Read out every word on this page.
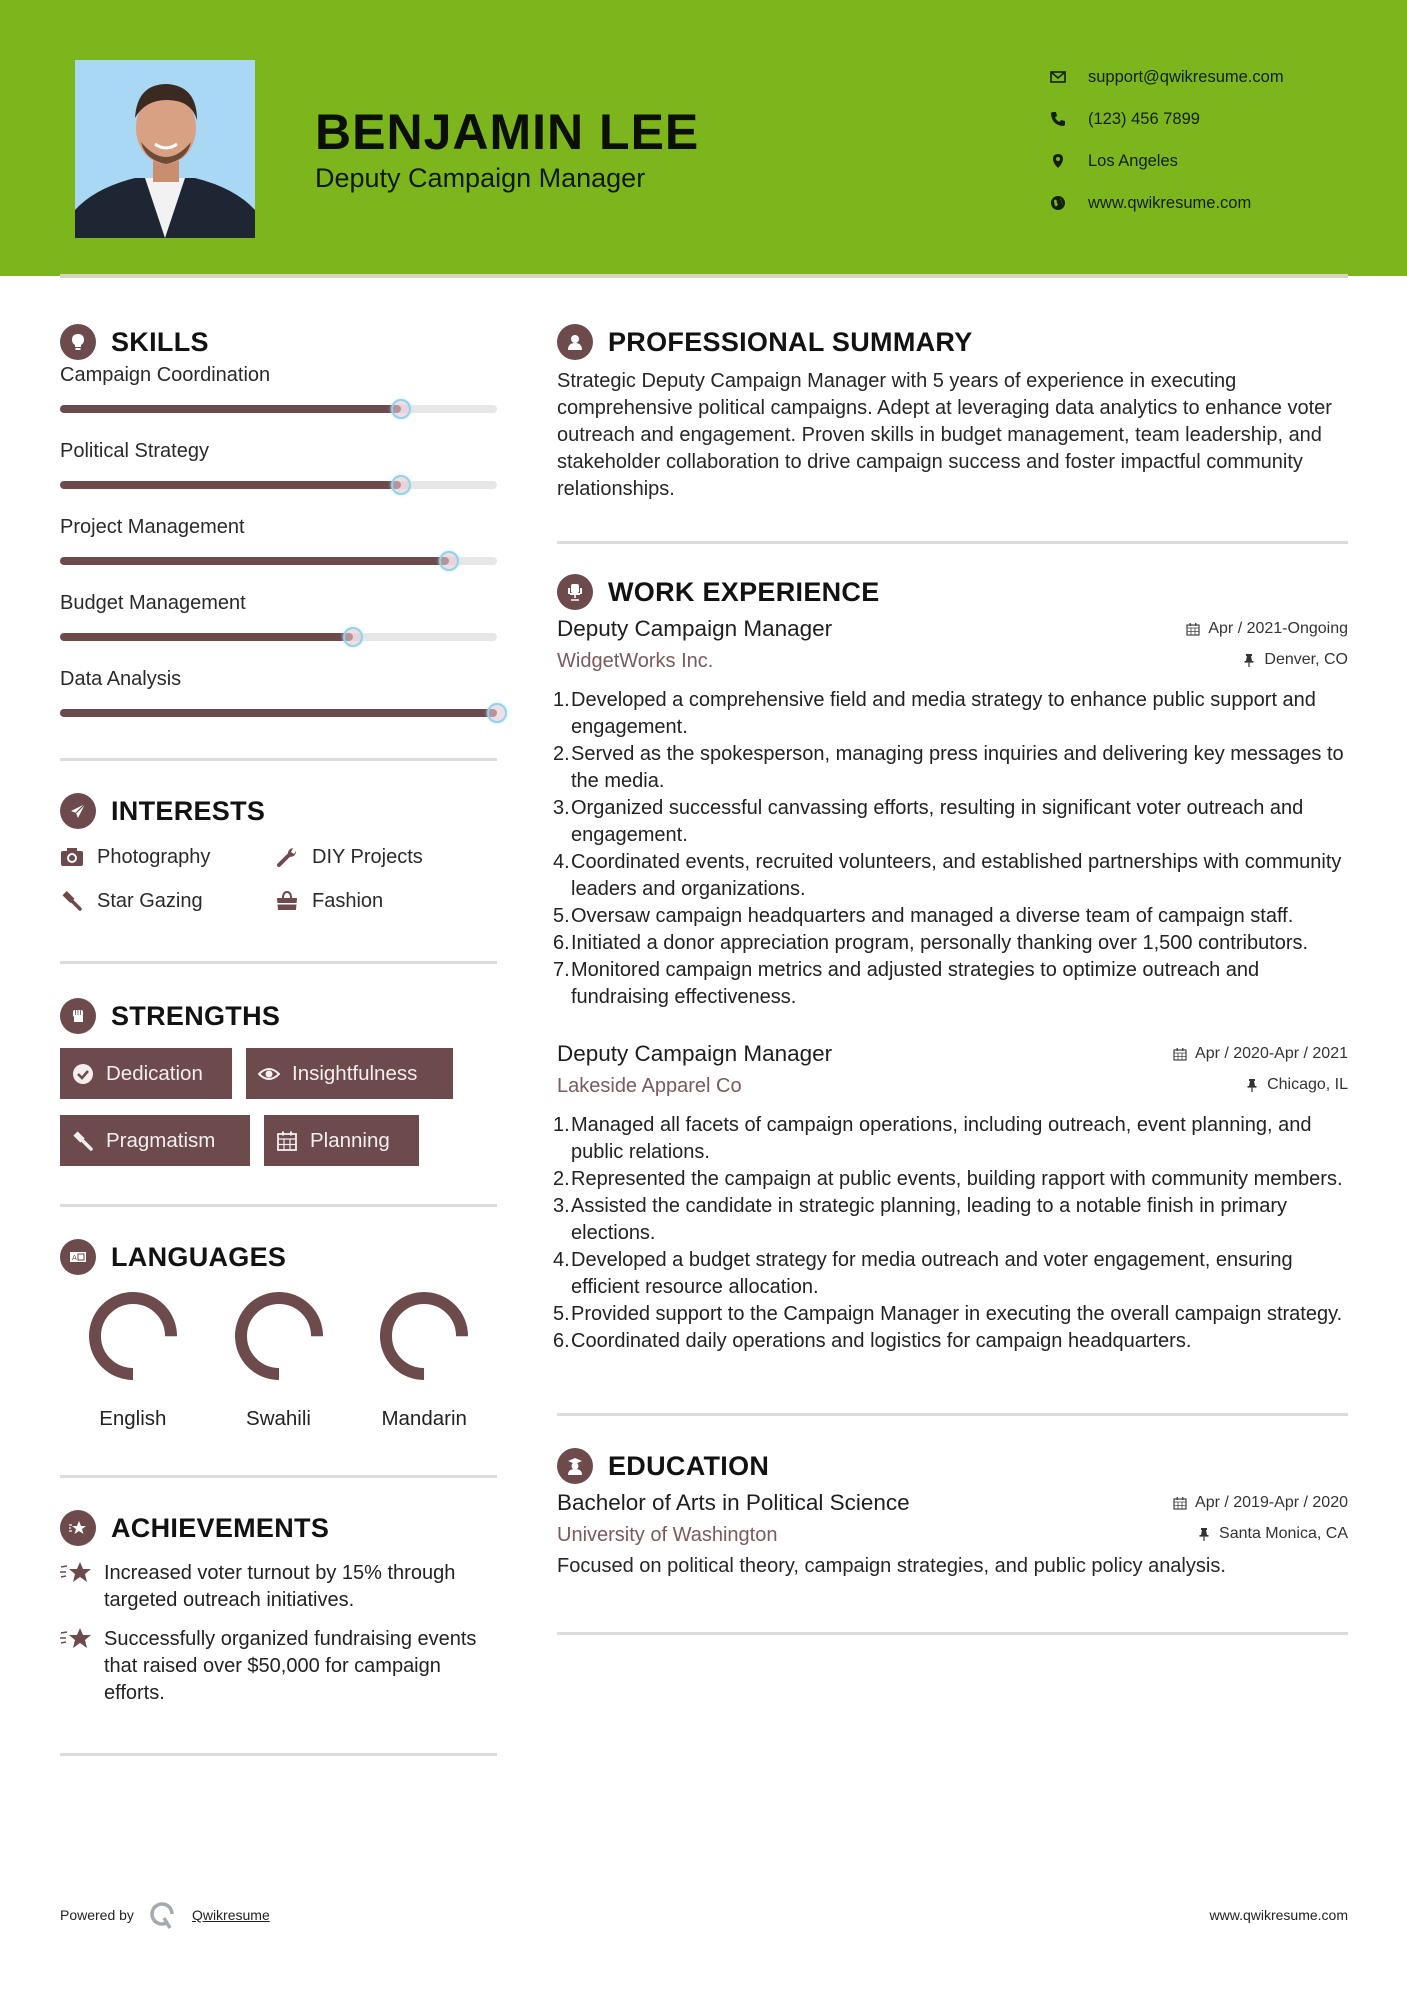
BENJAMIN LEE
Deputy Campaign Manager
support@qwikresume.com
(123) 456 7899
Los Angeles
www.qwikresume.com
SKILLS
Campaign Coordination
Political Strategy
Project Management
Budget Management
Data Analysis
INTERESTS
Photography	DIY Projects
Star Gazing	Fashion
STRENGTHS
Dedication	Insightfulness
Pragmatism	Planning
A LANGUAGES
English	Swahili	Mandarin
ACHIEVEMENTS
Increased voter turnout by 15% through targeted outreach initiatives.
Successfully organized fundraising events that raised over $50,000 for campaign efforts.
PROFESSIONAL SUMMARY

Strategic Deputy Campaign Manager with 5 years of experience in executing comprehensive political campaigns. Adept at leveraging data analytics to enhance voter outreach and engagement. Proven skills in budget management, team leadership, and stakeholder collaboration to drive campaign success and foster impactful community relationships.

WORK EXPERIENCE
Deputy Campaign Manager	Apr / 2021-Ongoing
WidgetWorks Inc.	Denver, CO
1. Developed a comprehensive field and media strategy to enhance public support and engagement.
2. Served as the spokesperson, managing press inquiries and delivering key messages to the media.
3. Organized successful canvassing efforts, resulting in significant voter outreach and engagement.
4. Coordinated events, recruited volunteers, and established partnerships with community leaders and organizations.
5. Oversaw campaign headquarters and managed a diverse team of campaign staff.
6. Initiated a donor appreciation program, personally thanking over 1,500 contributors.
7. Monitored campaign metrics and adjusted strategies to optimize outreach and fundraising effectiveness.
Deputy Campaign Manager	Apr / 2020-Apr / 2021
Lakeside Apparel Co	Chicago, IL
1. Managed all facets of campaign operations, including outreach, event planning, and public relations.
2. Represented the campaign at public events, building rapport with community members.
3. Assisted the candidate in strategic planning, leading to a notable finish in primary elections.
4. Developed a budget strategy for media outreach and voter engagement, ensuring efficient resource allocation.
5. Provided support to the Campaign Manager in executing the overall campaign strategy.
6. Coordinated daily operations and logistics for campaign headquarters.
EDUCATION
Bachelor of Arts in Political Science	Apr / 2019-Apr / 2020
University of Washington	Santa Monica, CA

Focused on political theory, campaign strategies, and public policy analysis.

Powered by	Qwikresume	www.qwikresume.com
